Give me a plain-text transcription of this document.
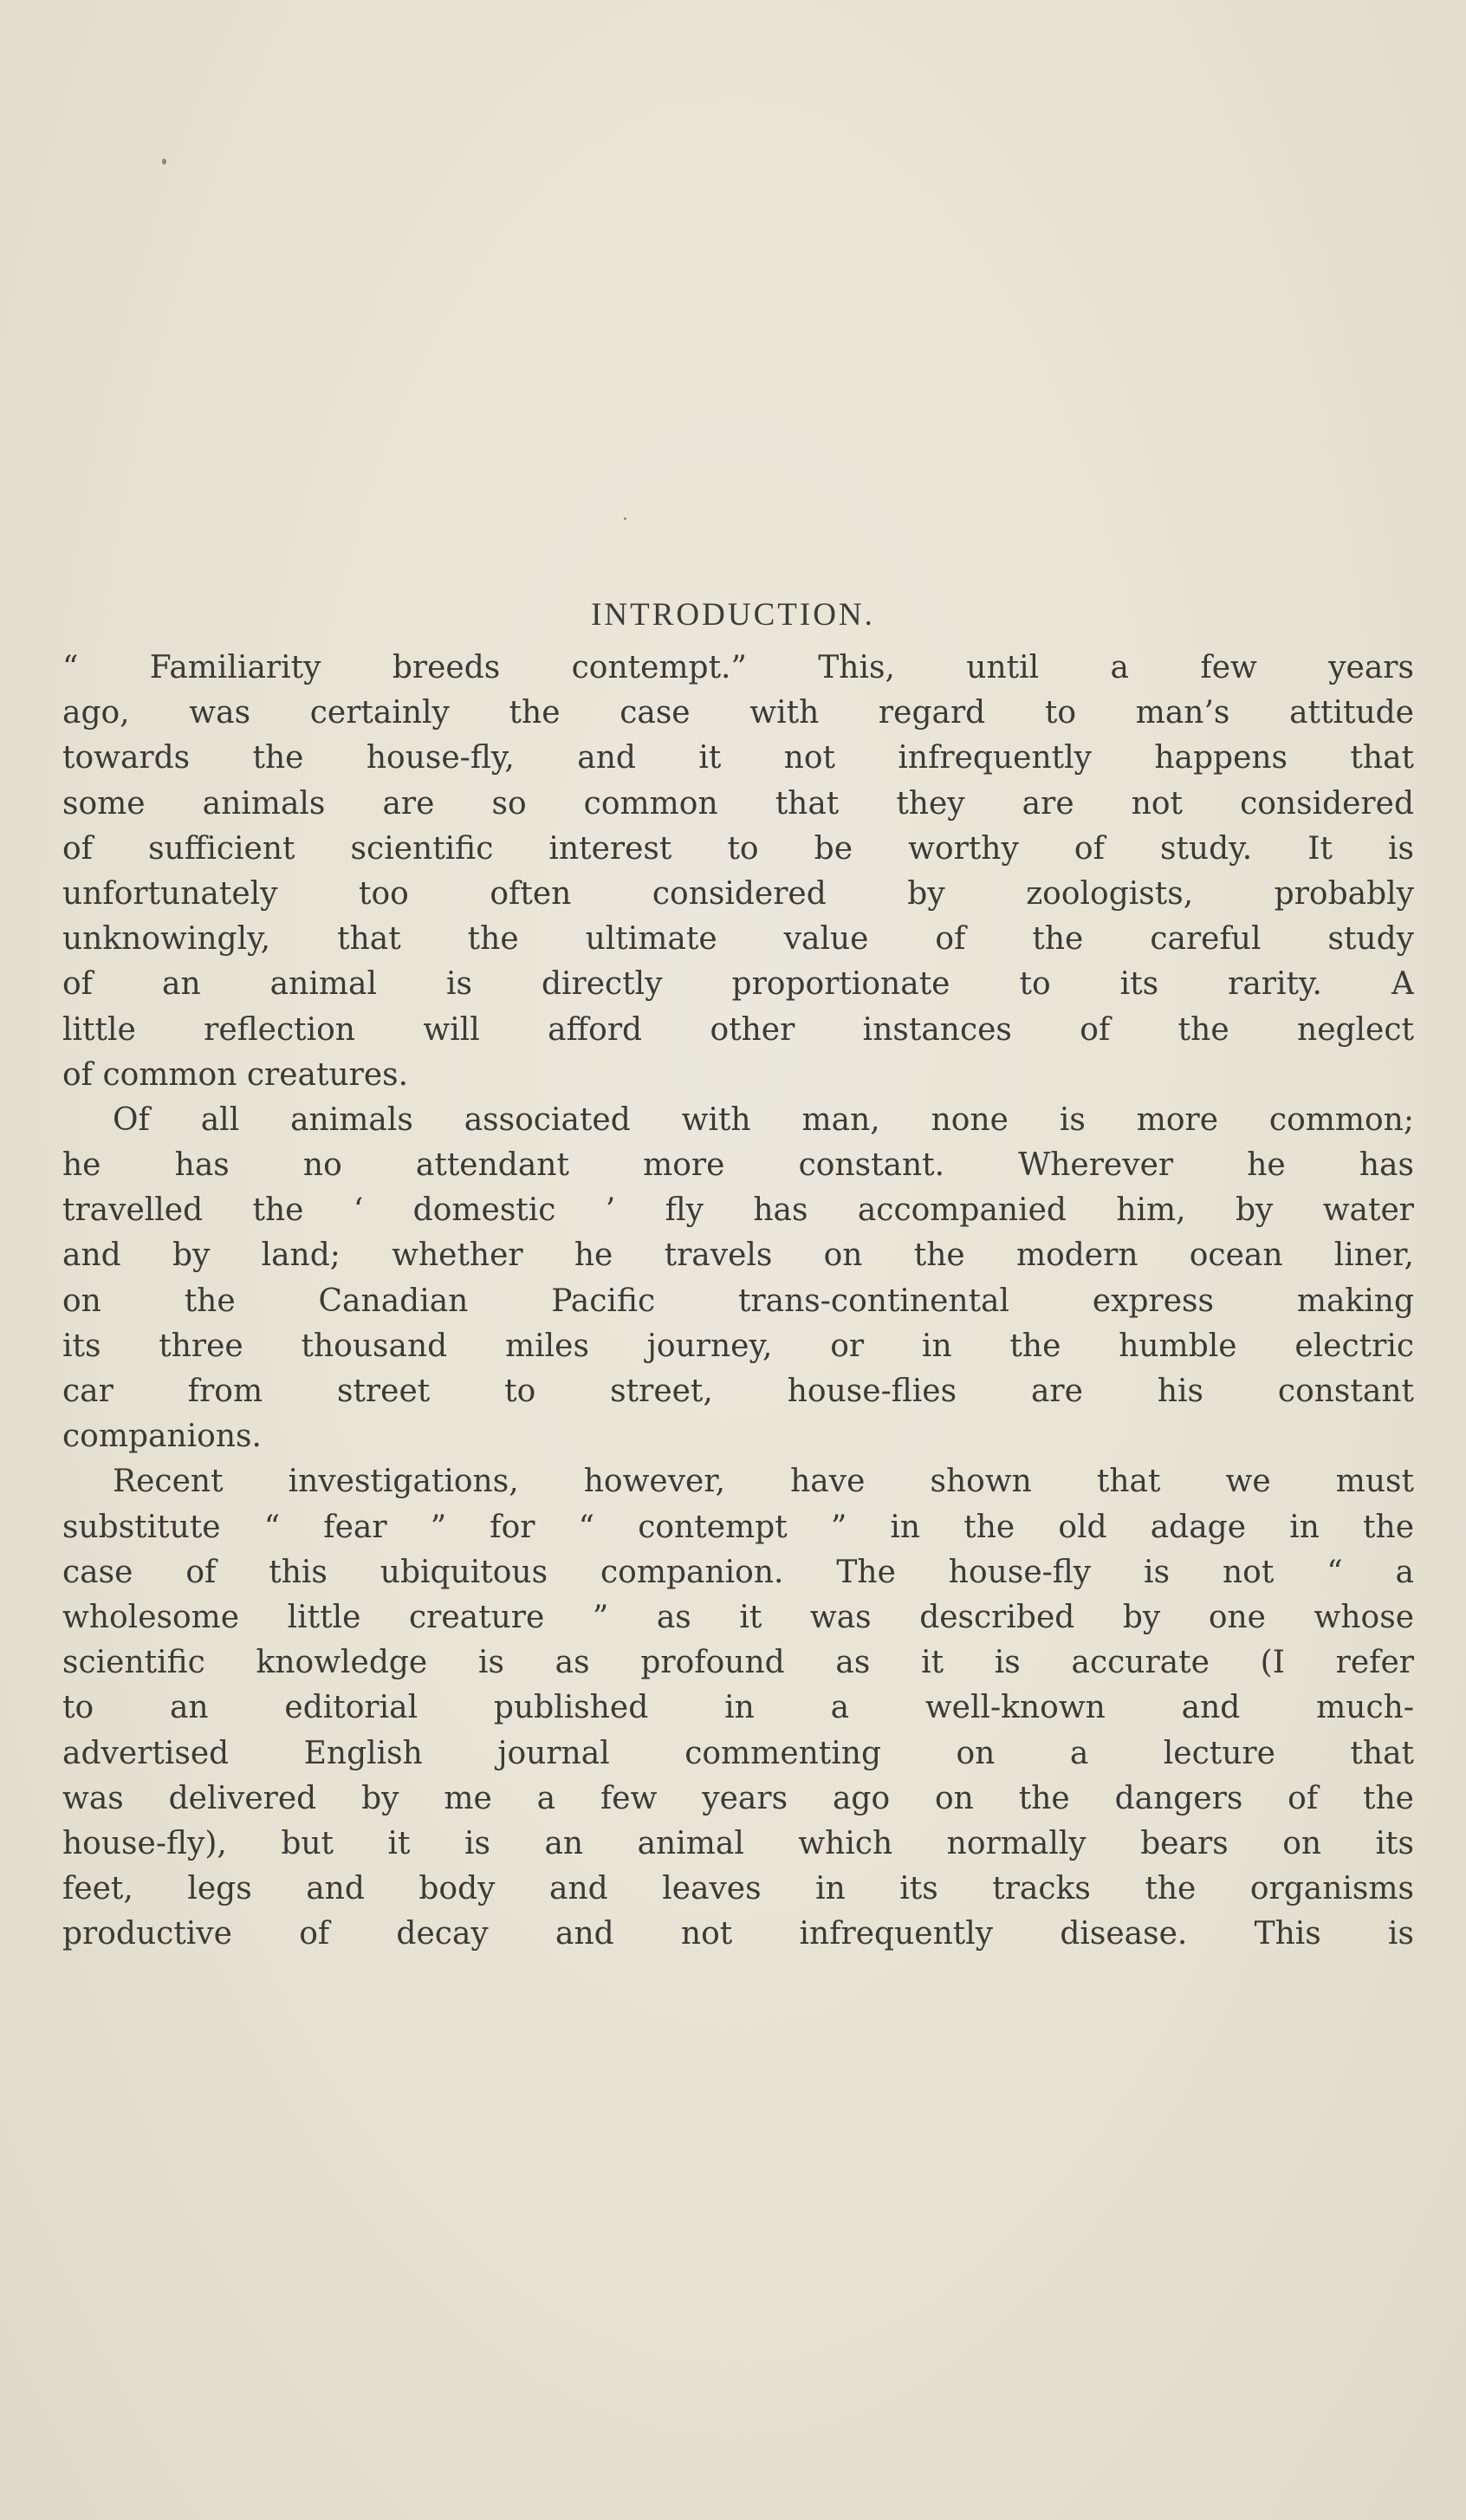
INTRODUCTION.
“ Familiarity breeds contempt.” This, until a few years
ago, was certainly the case with regard to man’s attitude
towards the house-fly, and it not infrequently happens that
some animals are so common that they are not considered
of sufficient scientific interest to be worthy of study. It is
unfortunately too often considered by zoologists, probably
unknowingly, that the ultimate value of the careful study
of an animal is directly proportionate to its rarity. A
little reflection will afford other instances of the neglect
of common creatures.
Of all animals associated with man, none is more common;
he has no attendant more constant. Wherever he has
travelled the ‘ domestic ’ fly has accompanied him, by water
and by land; whether he travels on the modern ocean liner,
on the Canadian Pacific trans-continental express making
its three thousand miles journey, or in the humble electric
car from street to street, house-flies are his constant
companions.
Recent investigations, however, have shown that we must
substitute “ fear ” for “ contempt ” in the old adage in the
case of this ubiquitous companion. The house-fly is not “ a
wholesome little creature ” as it was described by one whose
scientific knowledge is as profound as it is accurate (I refer
to an editorial published in a well-known and much-
advertised English journal commenting on a lecture that
was delivered by me a few years ago on the dangers of the
house-fly), but it is an animal which normally bears on its
feet, legs and body and leaves in its tracks the organisms
productive of decay and not infrequently disease. This is
